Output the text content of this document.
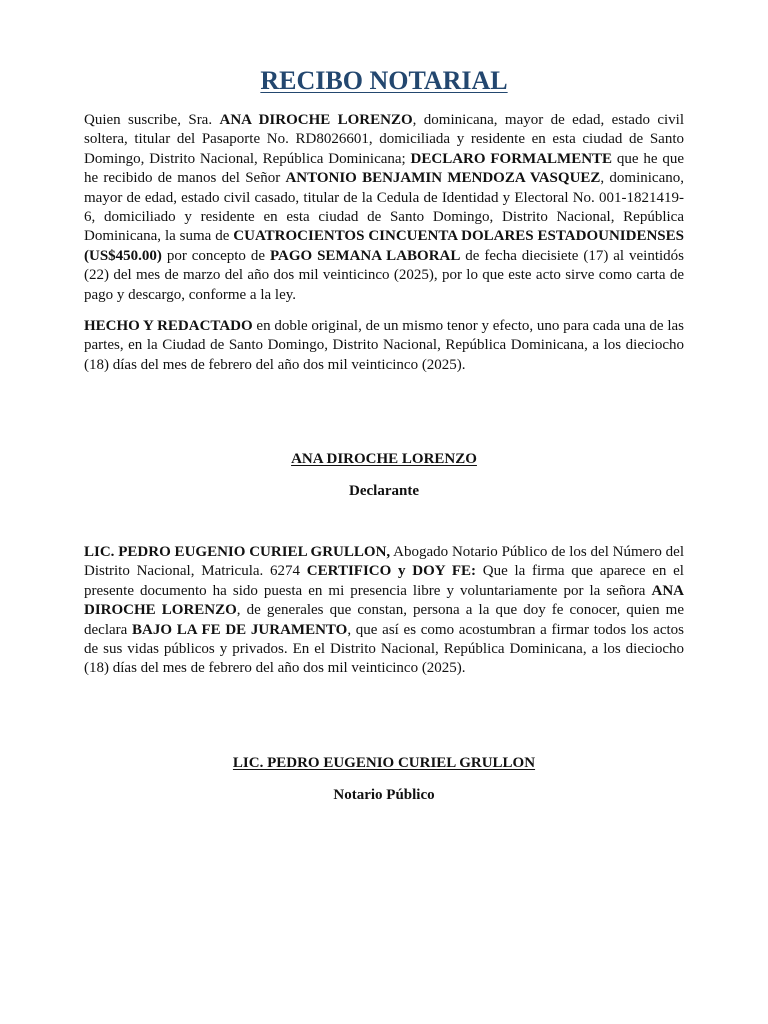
RECIBO NOTARIAL

Quien suscribe, Sra. ANA DIROCHE LORENZO, dominicana, mayor de edad, estado civil soltera, titular del Pasaporte No. RD8026601, domiciliada y residente en esta ciudad de Santo Domingo, Distrito Nacional, República Dominicana; DECLARO FORMALMENTE que he que he recibido de manos del Señor ANTONIO BENJAMIN MENDOZA VASQUEZ, dominicano, mayor de edad, estado civil casado, titular de la Cedula de Identidad y Electoral No. 001-1821419-6, domiciliado y residente en esta ciudad de Santo Domingo, Distrito Nacional, República Dominicana, la suma de CUATROCIENTOS CINCUENTA DOLARES ESTADOUNIDENSES (US$450.00) por concepto de PAGO SEMANA LABORAL de fecha diecisiete (17) al veintidós (22) del mes de marzo del año dos mil veinticinco (2025), por lo que este acto sirve como carta de pago y descargo, conforme a la ley.

HECHO Y REDACTADO en doble original, de un mismo tenor y efecto, uno para cada una de las partes, en la Ciudad de Santo Domingo, Distrito Nacional, República Dominicana, a los dieciocho (18) días del mes de febrero del año dos mil veinticinco (2025).

ANA DIROCHE LORENZO
Declarante

LIC. PEDRO EUGENIO CURIEL GRULLON, Abogado Notario Público de los del Número del Distrito Nacional, Matricula. 6274 CERTIFICO y DOY FE: Que la firma que aparece en el presente documento ha sido puesta en mi presencia libre y voluntariamente por la señora ANA DIROCHE LORENZO, de generales que constan, persona a la que doy fe conocer, quien me declara BAJO LA FE DE JURAMENTO, que así es como acostumbran a firmar todos los actos de sus vidas públicos y privados. En el Distrito Nacional, República Dominicana, a los dieciocho (18) días del mes de febrero del año dos mil veinticinco (2025).

LIC. PEDRO EUGENIO CURIEL GRULLON
Notario Público
